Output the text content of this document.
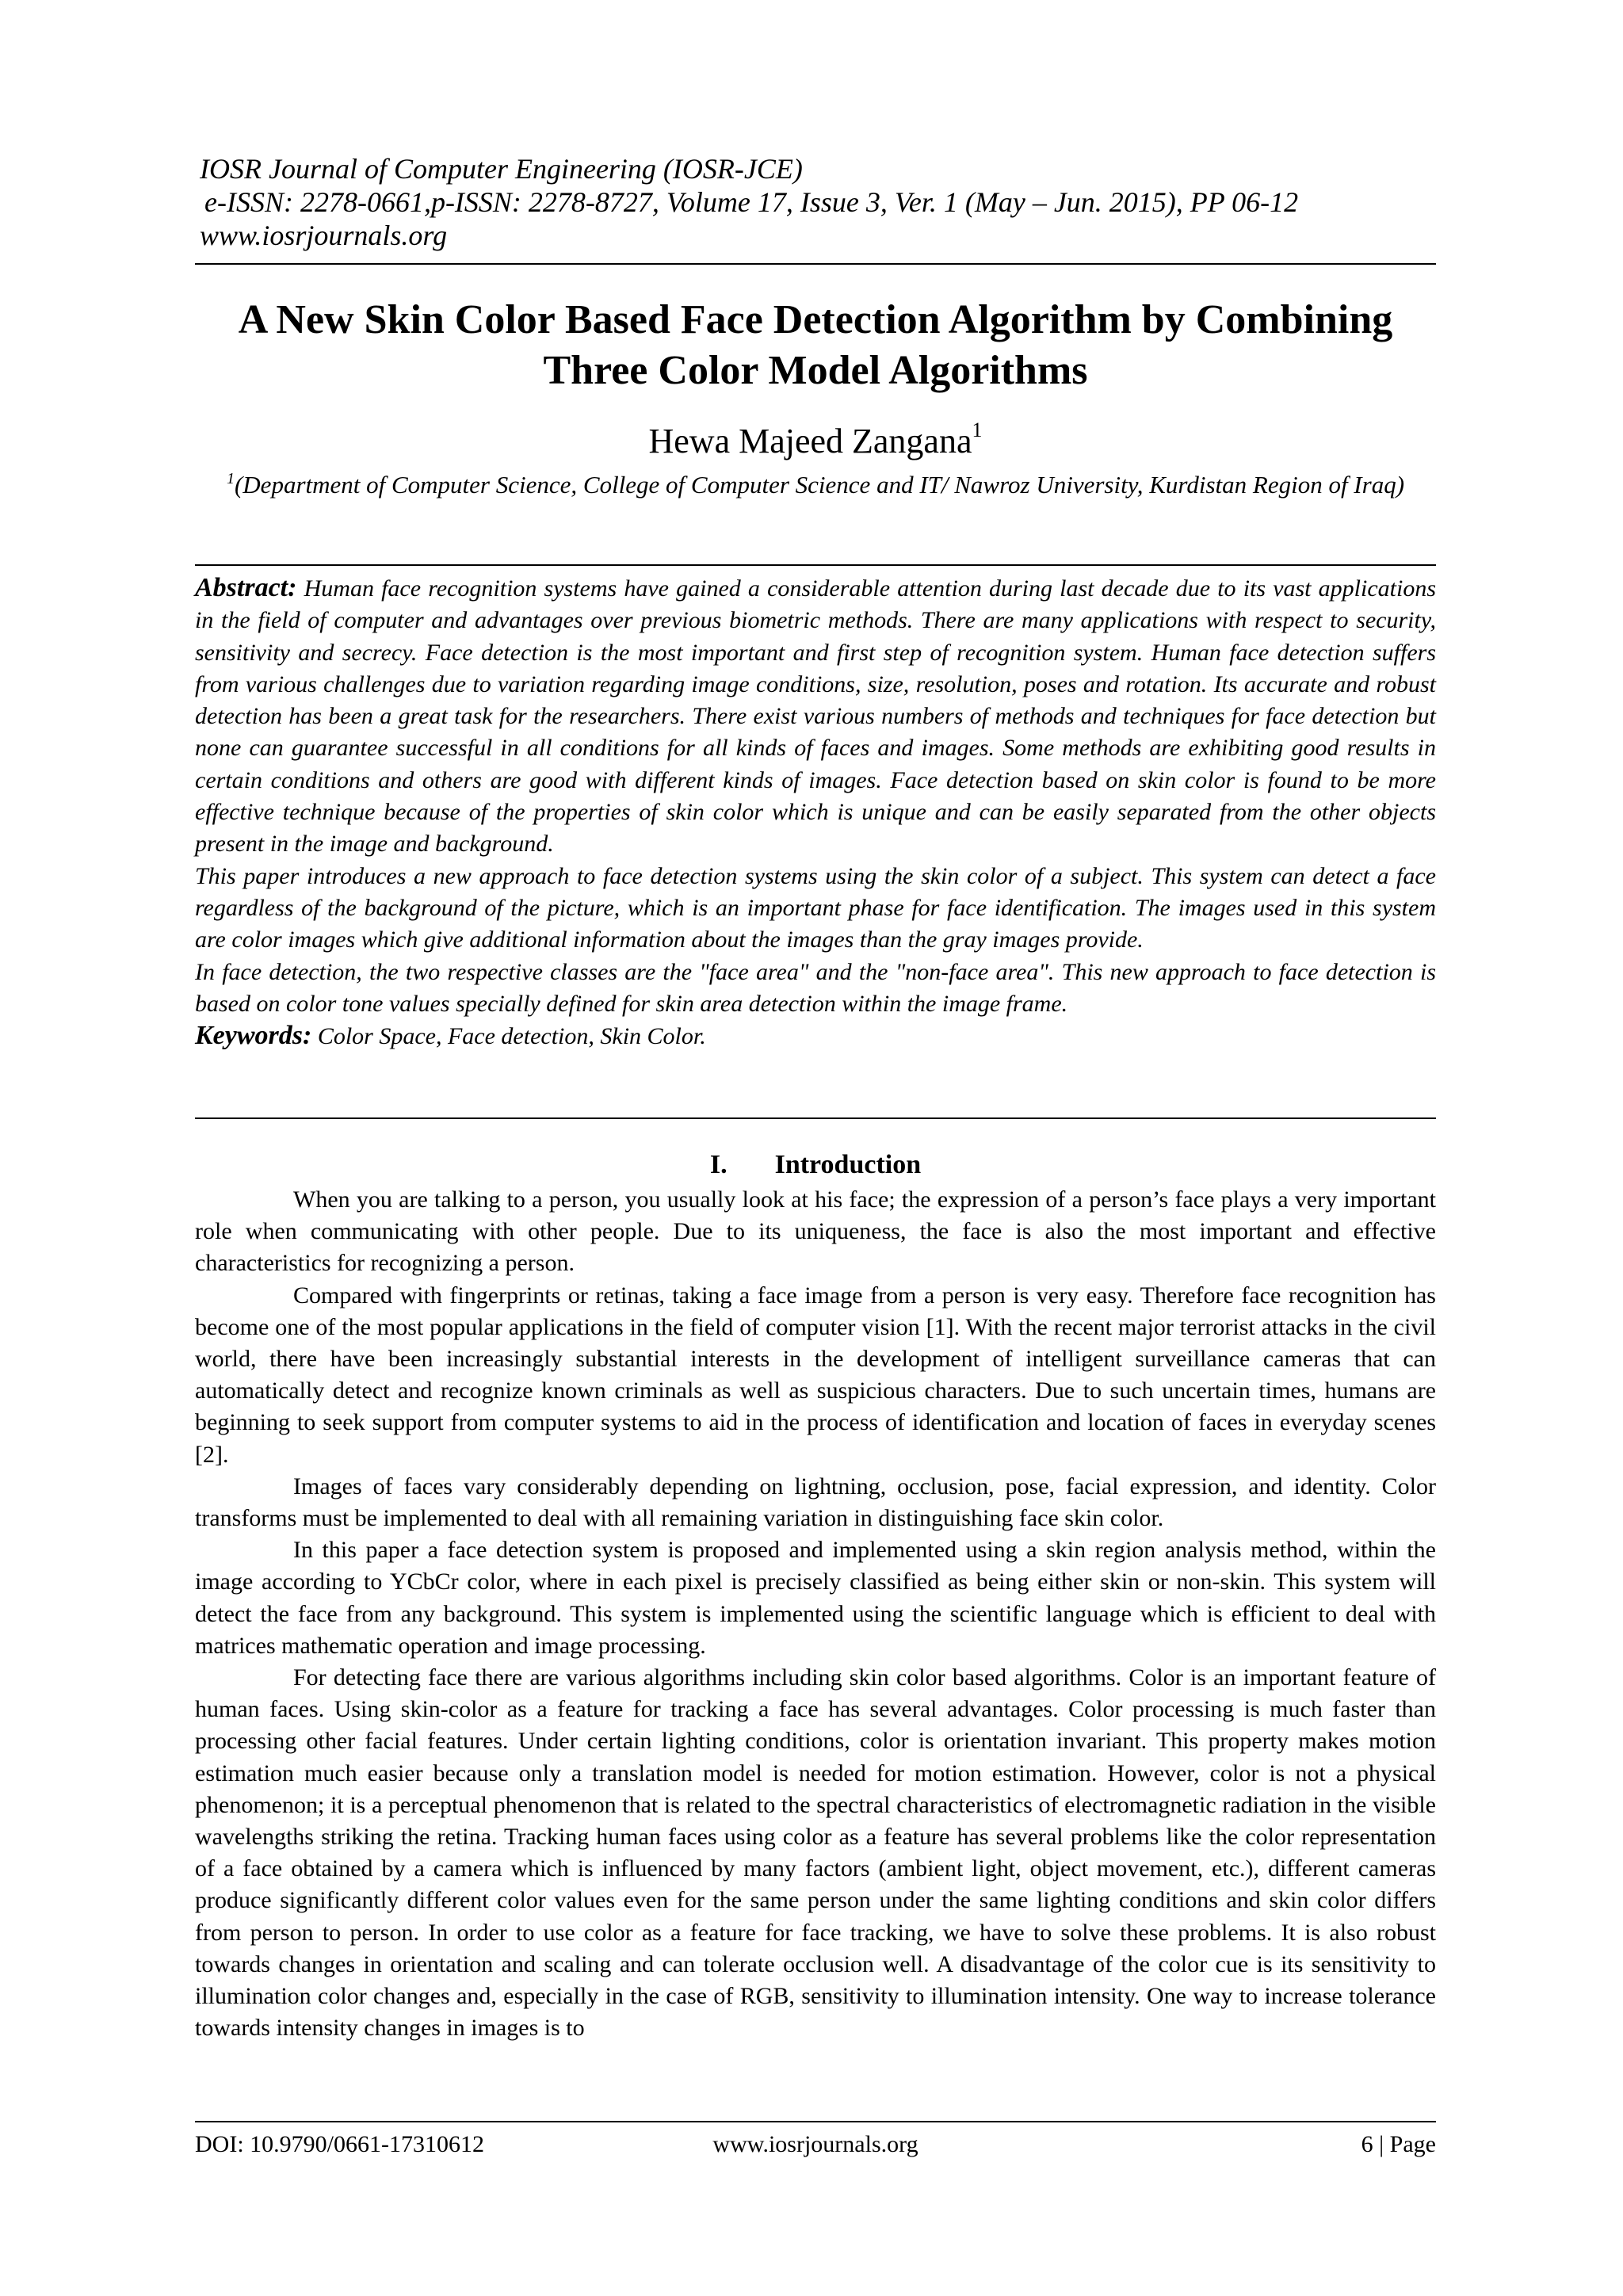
IOSR Journal of Computer Engineering (IOSR-JCE)
e-ISSN: 2278-0661,p-ISSN: 2278-8727, Volume 17, Issue 3, Ver. 1 (May – Jun. 2015), PP 06-12
www.iosrjournals.org
A New Skin Color Based Face Detection Algorithm by Combining
Three Color Model Algorithms
Hewa Majeed Zangana$^1$
$^1$(Department of Computer Science, College of Computer Science and IT/ Nawroz University, Kurdistan Region of Iraq)

Abstract: Human face recognition systems have gained a considerable attention during last decade due to its vast applications in the field of computer and advantages over previous biometric methods. There are many applications with respect to security, sensitivity and secrecy. Face detection is the most important and first step of recognition system. Human face detection suffers from various challenges due to variation regarding image conditions, size, resolution, poses and rotation. Its accurate and robust detection has been a great task for the researchers. There exist various numbers of methods and techniques for face detection but none can guarantee successful in all conditions for all kinds of faces and images. Some methods are exhibiting good results in certain conditions and others are good with different kinds of images. Face detection based on skin color is found to be more effective technique because of the properties of skin color which is unique and can be easily separated from the other objects present in the image and background.

This paper introduces a new approach to face detection systems using the skin color of a subject. This system can detect a face regardless of the background of the picture, which is an important phase for face identification. The images used in this system are color images which give additional information about the images than the gray images provide.

In face detection, the two respective classes are the "face area" and the "non-face area". This new approach to face detection is based on color tone values specially defined for skin area detection within the image frame.

Keywords: Color Space, Face detection, Skin Color.

I. Introduction

When you are talking to a person, you usually look at his face; the expression of a person’s face plays a very important role when communicating with other people. Due to its uniqueness, the face is also the most important and effective characteristics for recognizing a person.

Compared with fingerprints or retinas, taking a face image from a person is very easy. Therefore face recognition has become one of the most popular applications in the field of computer vision [1]. With the recent major terrorist attacks in the civil world, there have been increasingly substantial interests in the development of intelligent surveillance cameras that can automatically detect and recognize known criminals as well as suspicious characters. Due to such uncertain times, humans are beginning to seek support from computer systems to aid in the process of identification and location of faces in everyday scenes [2].

Images of faces vary considerably depending on lightning, occlusion, pose, facial expression, and identity. Color transforms must be implemented to deal with all remaining variation in distinguishing face skin color.

In this paper a face detection system is proposed and implemented using a skin region analysis method, within the image according to YCbCr color, where in each pixel is precisely classified as being either skin or non-skin. This system will detect the face from any background. This system is implemented using the scientific language which is efficient to deal with matrices mathematic operation and image processing.

For detecting face there are various algorithms including skin color based algorithms. Color is an important feature of human faces. Using skin-color as a feature for tracking a face has several advantages. Color processing is much faster than processing other facial features. Under certain lighting conditions, color is orientation invariant. This property makes motion estimation much easier because only a translation model is needed for motion estimation. However, color is not a physical phenomenon; it is a perceptual phenomenon that is related to the spectral characteristics of electromagnetic radiation in the visible wavelengths striking the retina. Tracking human faces using color as a feature has several problems like the color representation of a face obtained by a camera which is influenced by many factors (ambient light, object movement, etc.), different cameras produce significantly different color values even for the same person under the same lighting conditions and skin color differs from person to person. In order to use color as a feature for face tracking, we have to solve these problems. It is also robust towards changes in orientation and scaling and can tolerate occlusion well. A disadvantage of the color cue is its sensitivity to illumination color changes and, especially in the case of RGB, sensitivity to illumination intensity. One way to increase tolerance towards intensity changes in images is to

DOI: 10.9790/0661-17310612	www.iosrjournals.org	6 | Page
